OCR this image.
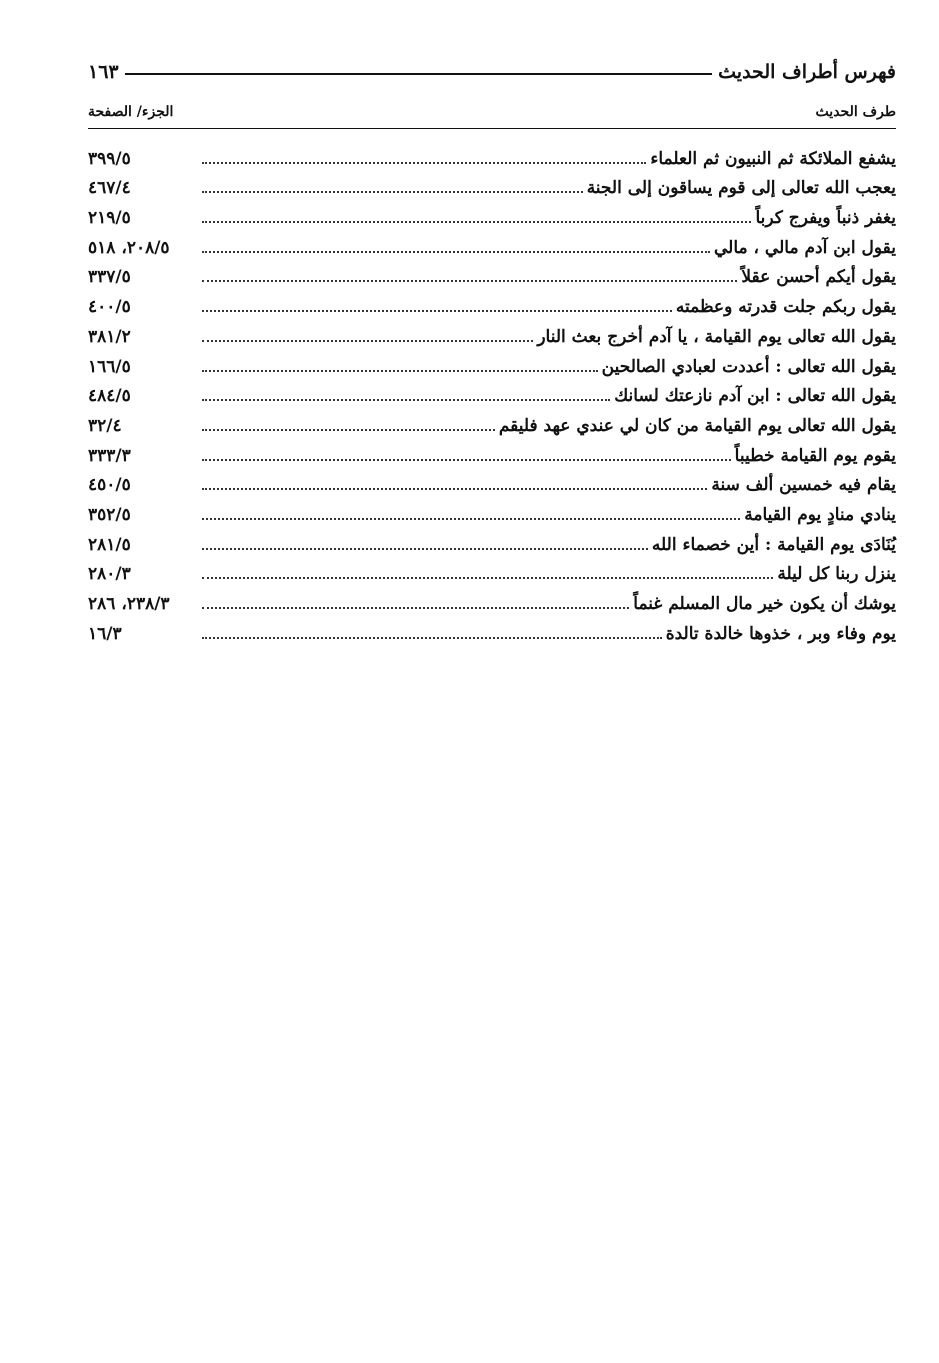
فهرس أطراف الحديث
١٦٣
طرف الحديث
الجزء/ الصفحة
يشفع الملائكة ثم النبيون ثم العلماء
٣٩٩/٥
يعجب الله تعالى إلى قوم يساقون إلى الجنة
٤٦٧/٤
يغفر ذنباً ويفرج كرباً
٢١٩/٥
يقول ابن آدم مالي ، مالي
٢٠٨/٥، ٥١٨
يقول أيكم أحسن عقلاً
٣٣٧/٥
يقول ربكم جلت قدرته وعظمته
٤٠٠/٥
يقول الله تعالى يوم القيامة ، يا آدم أخرج بعث النار
٣٨١/٢
يقول الله تعالى : أعددت لعبادي الصالحين
١٦٦/٥
يقول الله تعالى : ابن آدم نازعتك لسانك
٤٨٤/٥
يقول الله تعالى يوم القيامة من كان لي عندي عهد فليقم
٣٢/٤
يقوم يوم القيامة خطيباً
٣٣٣/٣
يقام فيه خمسين ألف سنة
٤٥٠/٥
ينادي منادٍ يوم القيامة
٣٥٢/٥
يُنَادَى يوم القيامة : أين خصماء الله
٢٨١/٥
ينزل ربنا كل ليلة
٢٨٠/٣
يوشك أن يكون خير مال المسلم غنماً
٢٣٨/٣، ٢٨٦
يوم وفاء وبر ، خذوها خالدة تالدة
١٦/٣
